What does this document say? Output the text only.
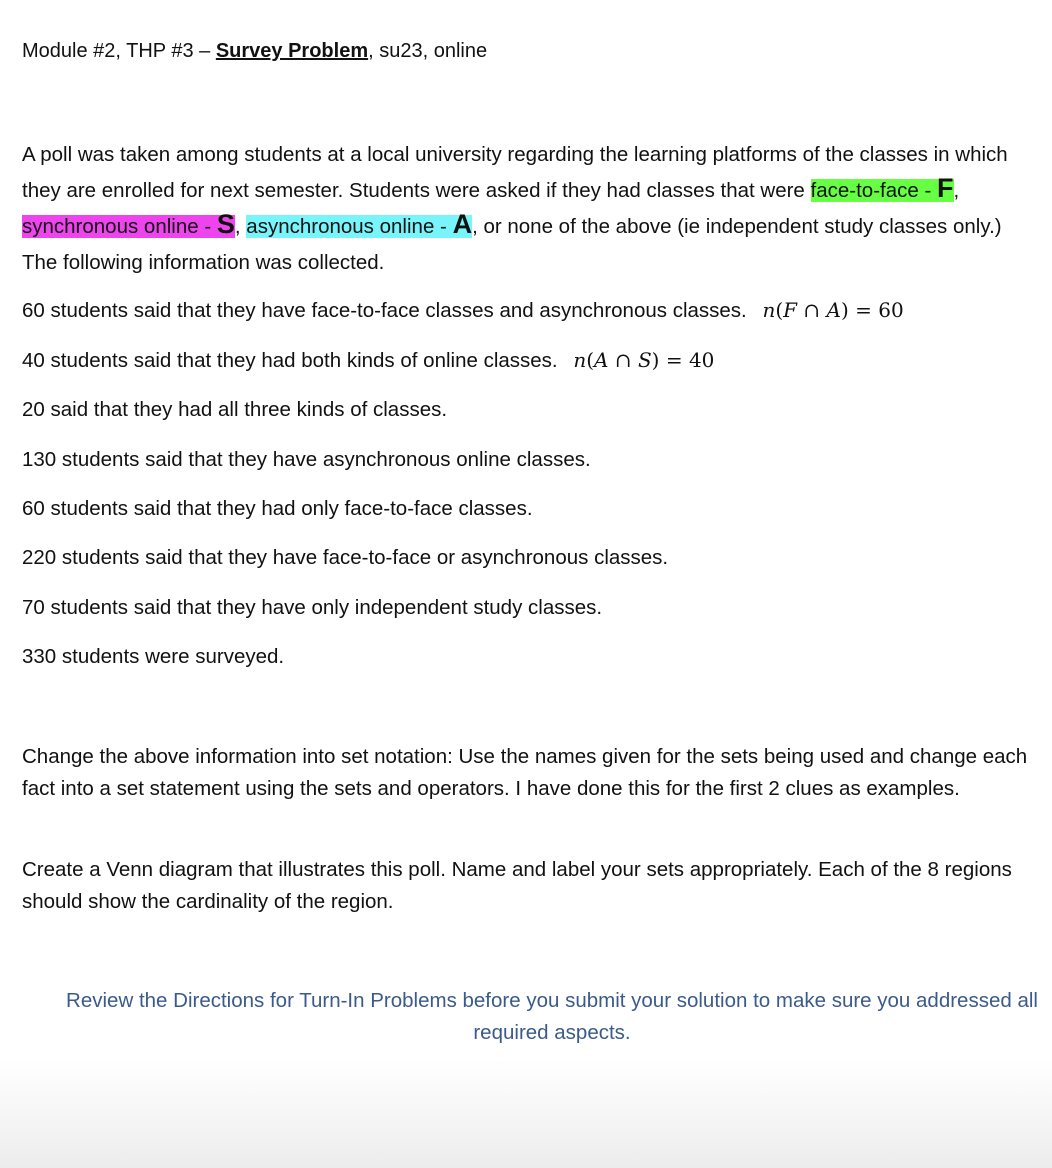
Module #2, THP #3 – Survey Problem, su23, online
A poll was taken among students at a local university regarding the learning platforms of the classes in which they are enrolled for next semester. Students were asked if they had classes that were face-to-face - F, synchronous online - S, asynchronous online - A, or none of the above (ie independent study classes only.) The following information was collected.
60 students said that they have face-to-face classes and asynchronous classes. n(F ∩ A) = 60
40 students said that they had both kinds of online classes. n(A ∩ S) = 40
20 said that they had all three kinds of classes.
130 students said that they have asynchronous online classes.
60 students said that they had only face-to-face classes.
220 students said that they have face-to-face or asynchronous classes.
70 students said that they have only independent study classes.
330 students were surveyed.
Change the above information into set notation: Use the names given for the sets being used and change each fact into a set statement using the sets and operators. I have done this for the first 2 clues as examples.
Create a Venn diagram that illustrates this poll. Name and label your sets appropriately. Each of the 8 regions should show the cardinality of the region.
Review the Directions for Turn-In Problems before you submit your solution to make sure you addressed all required aspects.
